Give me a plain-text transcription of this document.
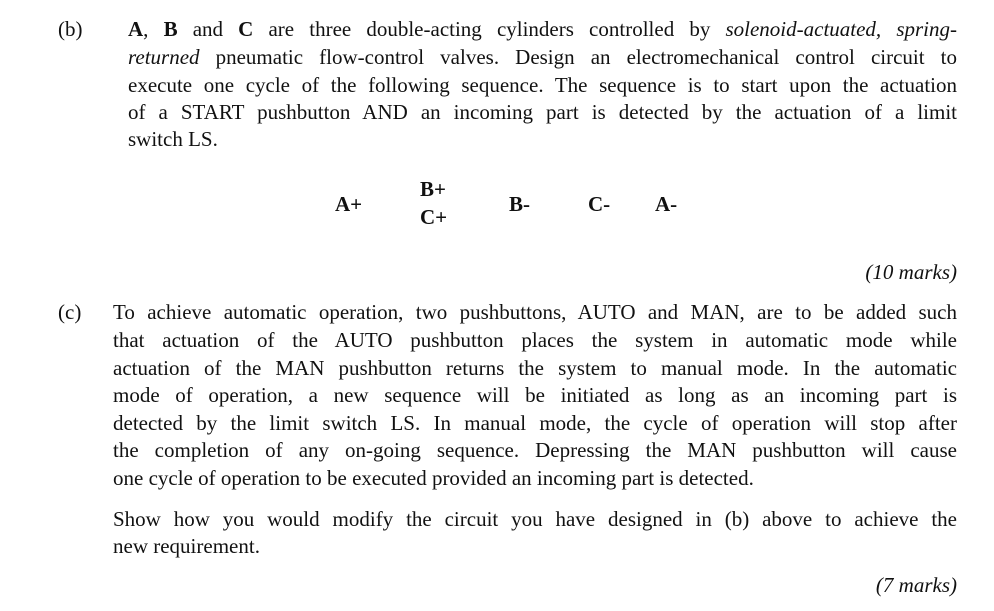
(b) A, B and C are three double-acting cylinders controlled by solenoid-actuated, spring-
returned pneumatic flow-control valves. Design an electromechanical control circuit to
execute one cycle of the following sequence. The sequence is to start upon the actuation
of a START pushbutton AND an incoming part is detected by the actuation of a limit
switch LS.
A+
B+
C+
B-	C- A-
(10 marks)
(c) To achieve automatic operation, two pushbuttons, AUTO and MAN, are to be added such
that actuation of the AUTO pushbutton places the system in automatic mode while
actuation of the MAN pushbutton returns the system to manual mode. In the automatic
mode of operation, a new sequence will be initiated as long as an incoming part is
detected by the limit switch LS. In manual mode, the cycle of operation will stop after
the completion of any on-going sequence. Depressing the MAN pushbutton will cause
one cycle of operation to be executed provided an incoming part is detected.
Show how you would modify the circuit you have designed in (b) above to achieve the
new requirement.
(7 marks)
